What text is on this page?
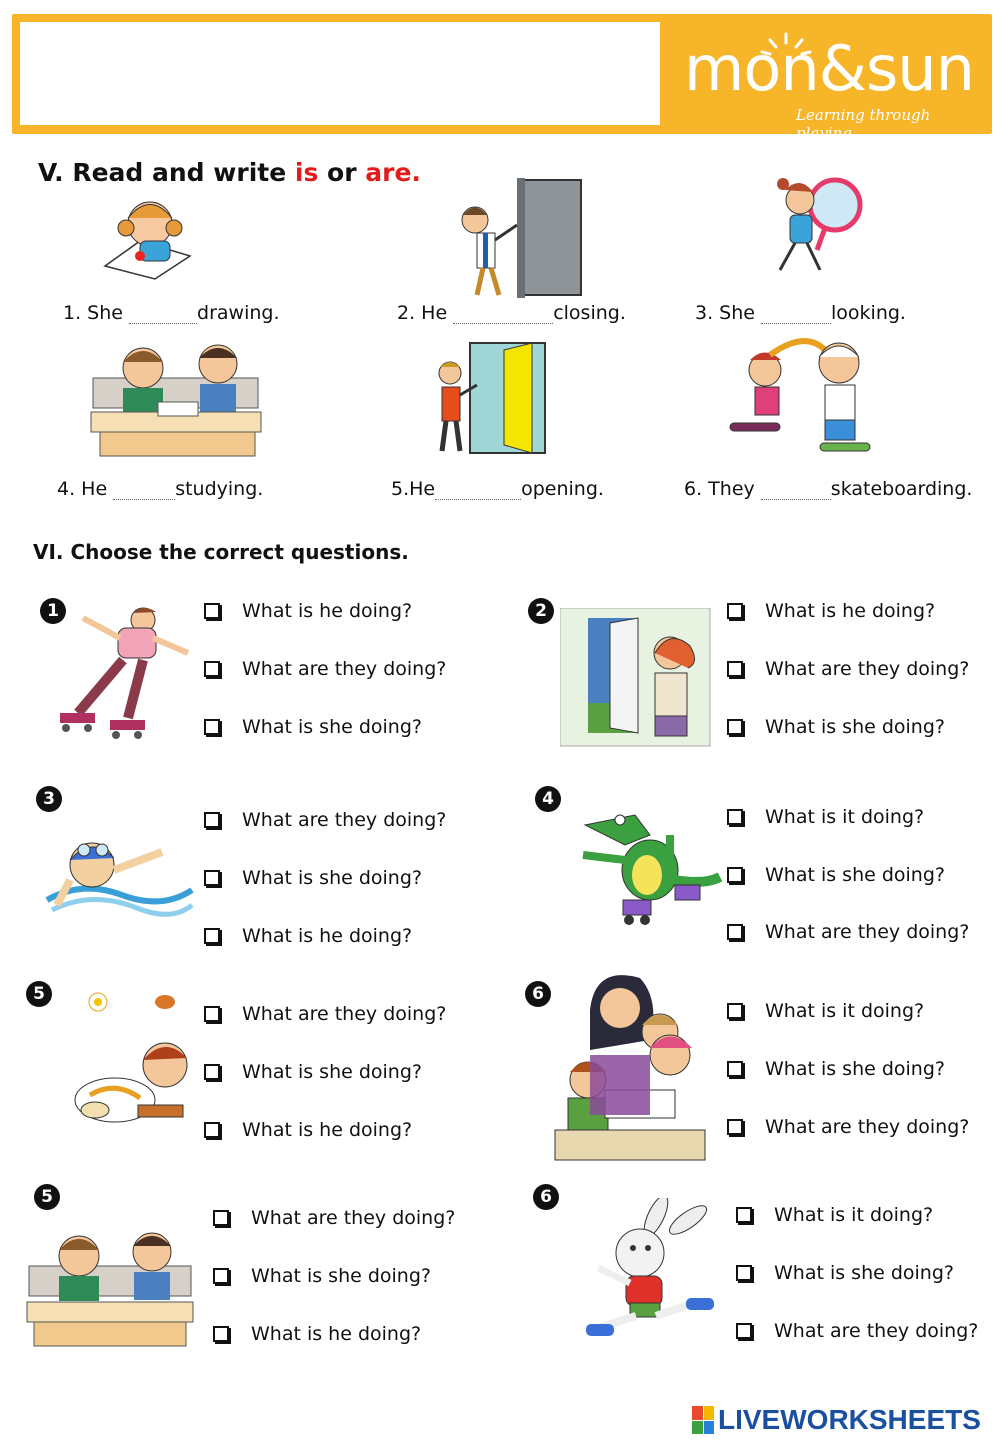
mon&sun
Learning through playing
V. Read and write is or are.
1. She	drawing.	2. He	closing.	3. She	looking.
4. He	studying.	5.He	opening.	6. They	skateboarding.
VI. Choose the correct questions.
1	What is he doing?
What are they doing?
What is she doing?
2	What is he doing?
What are they doing?
What is she doing?
3
What are they doing?
What is she doing?
What is he doing?
4
What is it doing?
What is she doing?
What are they doing?
5
What are they doing?
What is she doing?
What is he doing?
6
What is it doing?
What is she doing?
What are they doing?
5
What are they doing?
What is she doing?
What is he doing?
6
What is it doing?
What is she doing?
What are they doing?
LIVEWORKSHEETS
